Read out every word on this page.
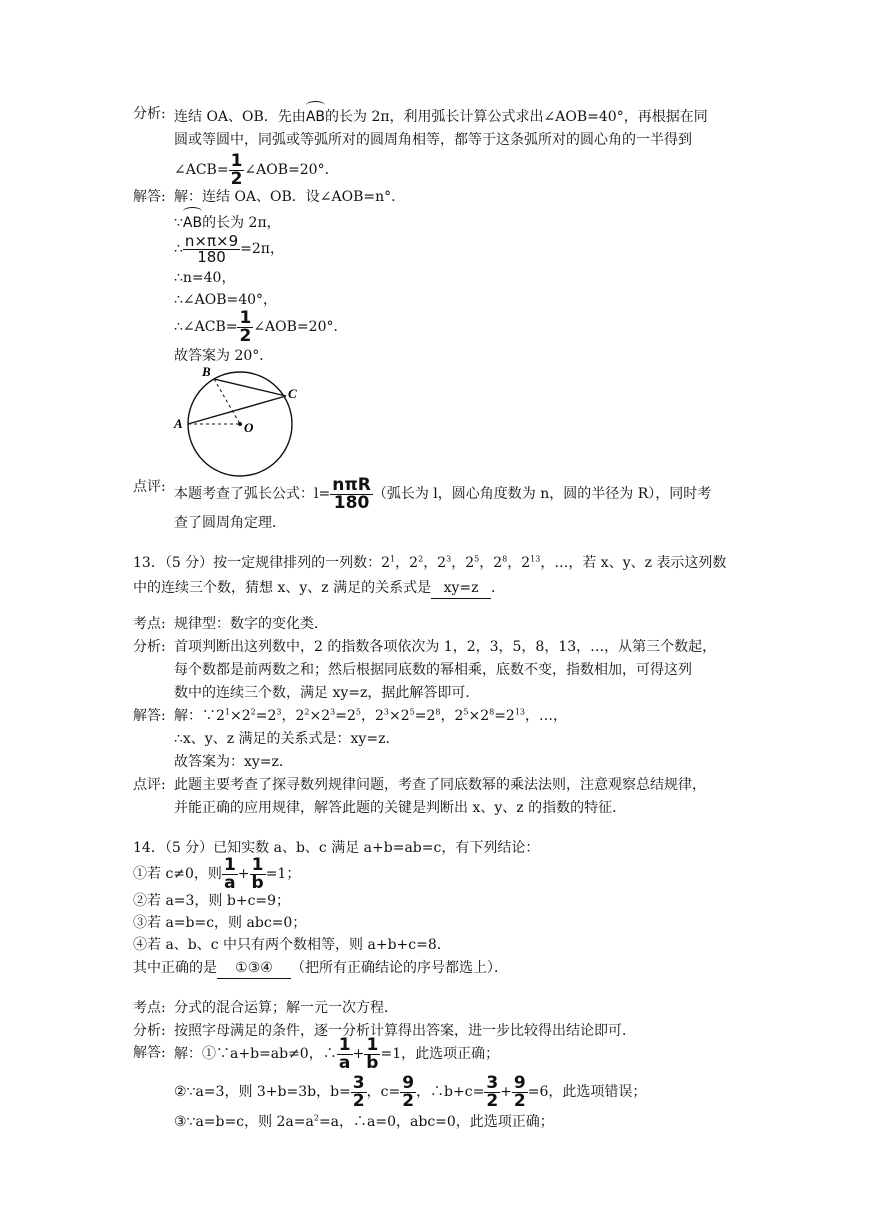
分析: 连结 OA、OB．先由AB的长为 2π，利用弧长计算公式求出∠AOB=40°，再根据在同
圆或等圆中，同弧或等弧所对的圆周角相等，都等于这条弧所对的圆心角的一半得到
∠ACB= $\frac{1}{2}$ ∠AOB=20°．
解答: 解：连结 OA、OB．设∠AOB=n°．
∵AB的长为 2π，
∴ $\frac{n\times\pi\times 9}{180} =2\pi$，
∴n=40，
∴∠AOB=40°，
∴∠ACB= $\frac{1}{2}$ ∠AOB=20°．
故答案为 20°．
A
B
C
O
点评: 本题考查了弧长公式：$l= \frac{\text{nπR}}{180}$ （弧长为 l，圆心角度数为 n，圆的半径为 R），同时考
查了圆周角定理．
13．（5 分）按一定规律排列的一列数：$2^1$，$2^2$，$2^3$，$2^5$，$2^8$，$2^{13}$，…，若 x、y、z 表示这列数
中的连续三个数，猜想 x、y、z 满足的关系式是 xy=z ．
考点: 规律型：数字的变化类．
分析: 首项判断出这列数中，2 的指数各项依次为 1，2，3，5，8，13，…，从第三个数起，
每个数都是前两数之和；然后根据同底数的幂相乘，底数不变，指数相加，可得这列
数中的连续三个数，满足 xy=z，据此解答即可．
解答: 解：$\because 2^1\times 2^2=2^3$，$2^2\times 2^3=2^5$，$2^3\times 2^5=2^8$，$2^5\times 2^8=2^{13}$，…，
∴x、y、z 满足的关系式是：xy=z．
故答案为：xy=z．
点评: 此题主要考查了探寻数列规律问题，考查了同底数幂的乘法法则，注意观察总结规律，
并能正确的应用规律，解答此题的关键是判断出 x、y、z 的指数的特征．
14．（5 分）已知实数 a、b、c 满足 a+b=ab=c，有下列结论：
①若 c≠0，则 $\frac{1}{a} + \frac{1}{b} =1$；
②若 a=3，则 b+c=9；
③若 a=b=c，则 abc=0；
④若 a、b、c 中只有两个数相等，则 a+b+c=8．
其中正确的是 ①③④ （把所有正确结论的序号都选上）．
考点: 分式的混合运算；解一元一次方程．
分析: 按照字母满足的条件，逐一分析计算得出答案，进一步比较得出结论即可．
解答: 解：①∵a+b=ab≠0，∴ $\frac{1}{a} + \frac{1}{b} =1$，此选项正确；
②∵a=3，则 3+b=3b，$b= \frac{3}{2}$ ，$c= \frac{9}{2}$ ，∴b+c= $\frac{3}{2} + \frac{9}{2} =6$，此选项错误；
③∵a=b=c，则 $2a=a^2=a$，∴a=0，abc=0，此选项正确；
